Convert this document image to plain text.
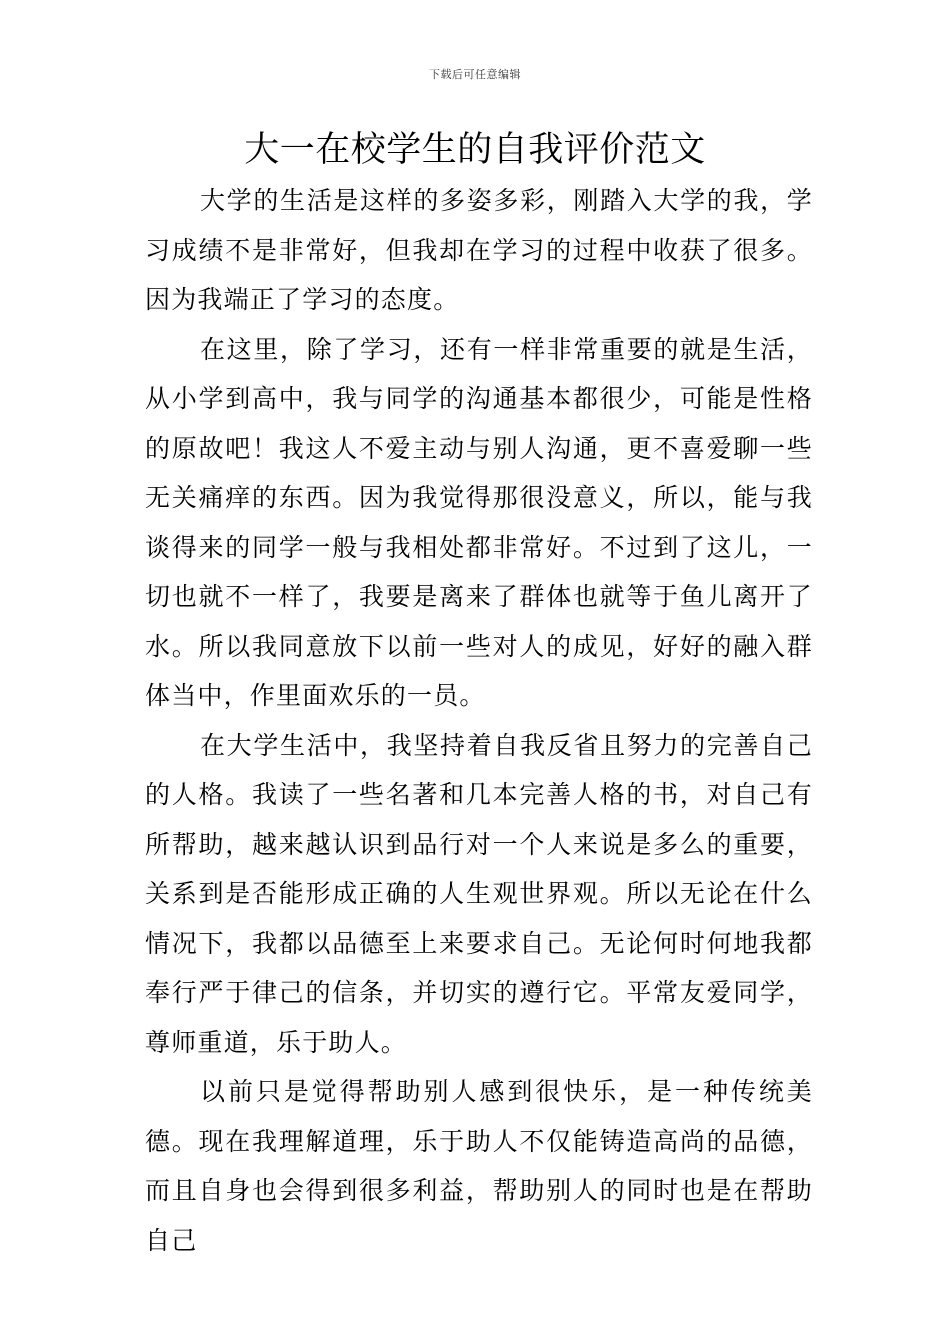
下载后可任意编辑
大一在校学生的自我评价范文

大学的生活是这样的多姿多彩，刚踏入大学的我，学习成绩不是非常好，但我却在学习的过程中收获了很多。因为我端正了学习的态度。

在这里，除了学习，还有一样非常重要的就是生活，从小学到高中，我与同学的沟通基本都很少，可能是性格的原故吧！我这人不爱主动与别人沟通，更不喜爱聊一些无关痛痒的东西。因为我觉得那很没意义，所以，能与我谈得来的同学一般与我相处都非常好。不过到了这儿，一切也就不一样了，我要是离来了群体也就等于鱼儿离开了水。所以我同意放下以前一些对人的成见，好好的融入群体当中，作里面欢乐的一员。

在大学生活中，我坚持着自我反省且努力的完善自己的人格。我读了一些名著和几本完善人格的书，对自己有所帮助，越来越认识到品行对一个人来说是多么的重要，关系到是否能形成正确的人生观世界观。所以无论在什么情况下，我都以品德至上来要求自己。无论何时何地我都奉行严于律己的信条，并切实的遵行它。平常友爱同学，尊师重道，乐于助人。

以前只是觉得帮助别人感到很快乐，是一种传统美德。现在我理解道理，乐于助人不仅能铸造高尚的品德，而且自身也会得到很多利益，帮助别人的同时也是在帮助自己
